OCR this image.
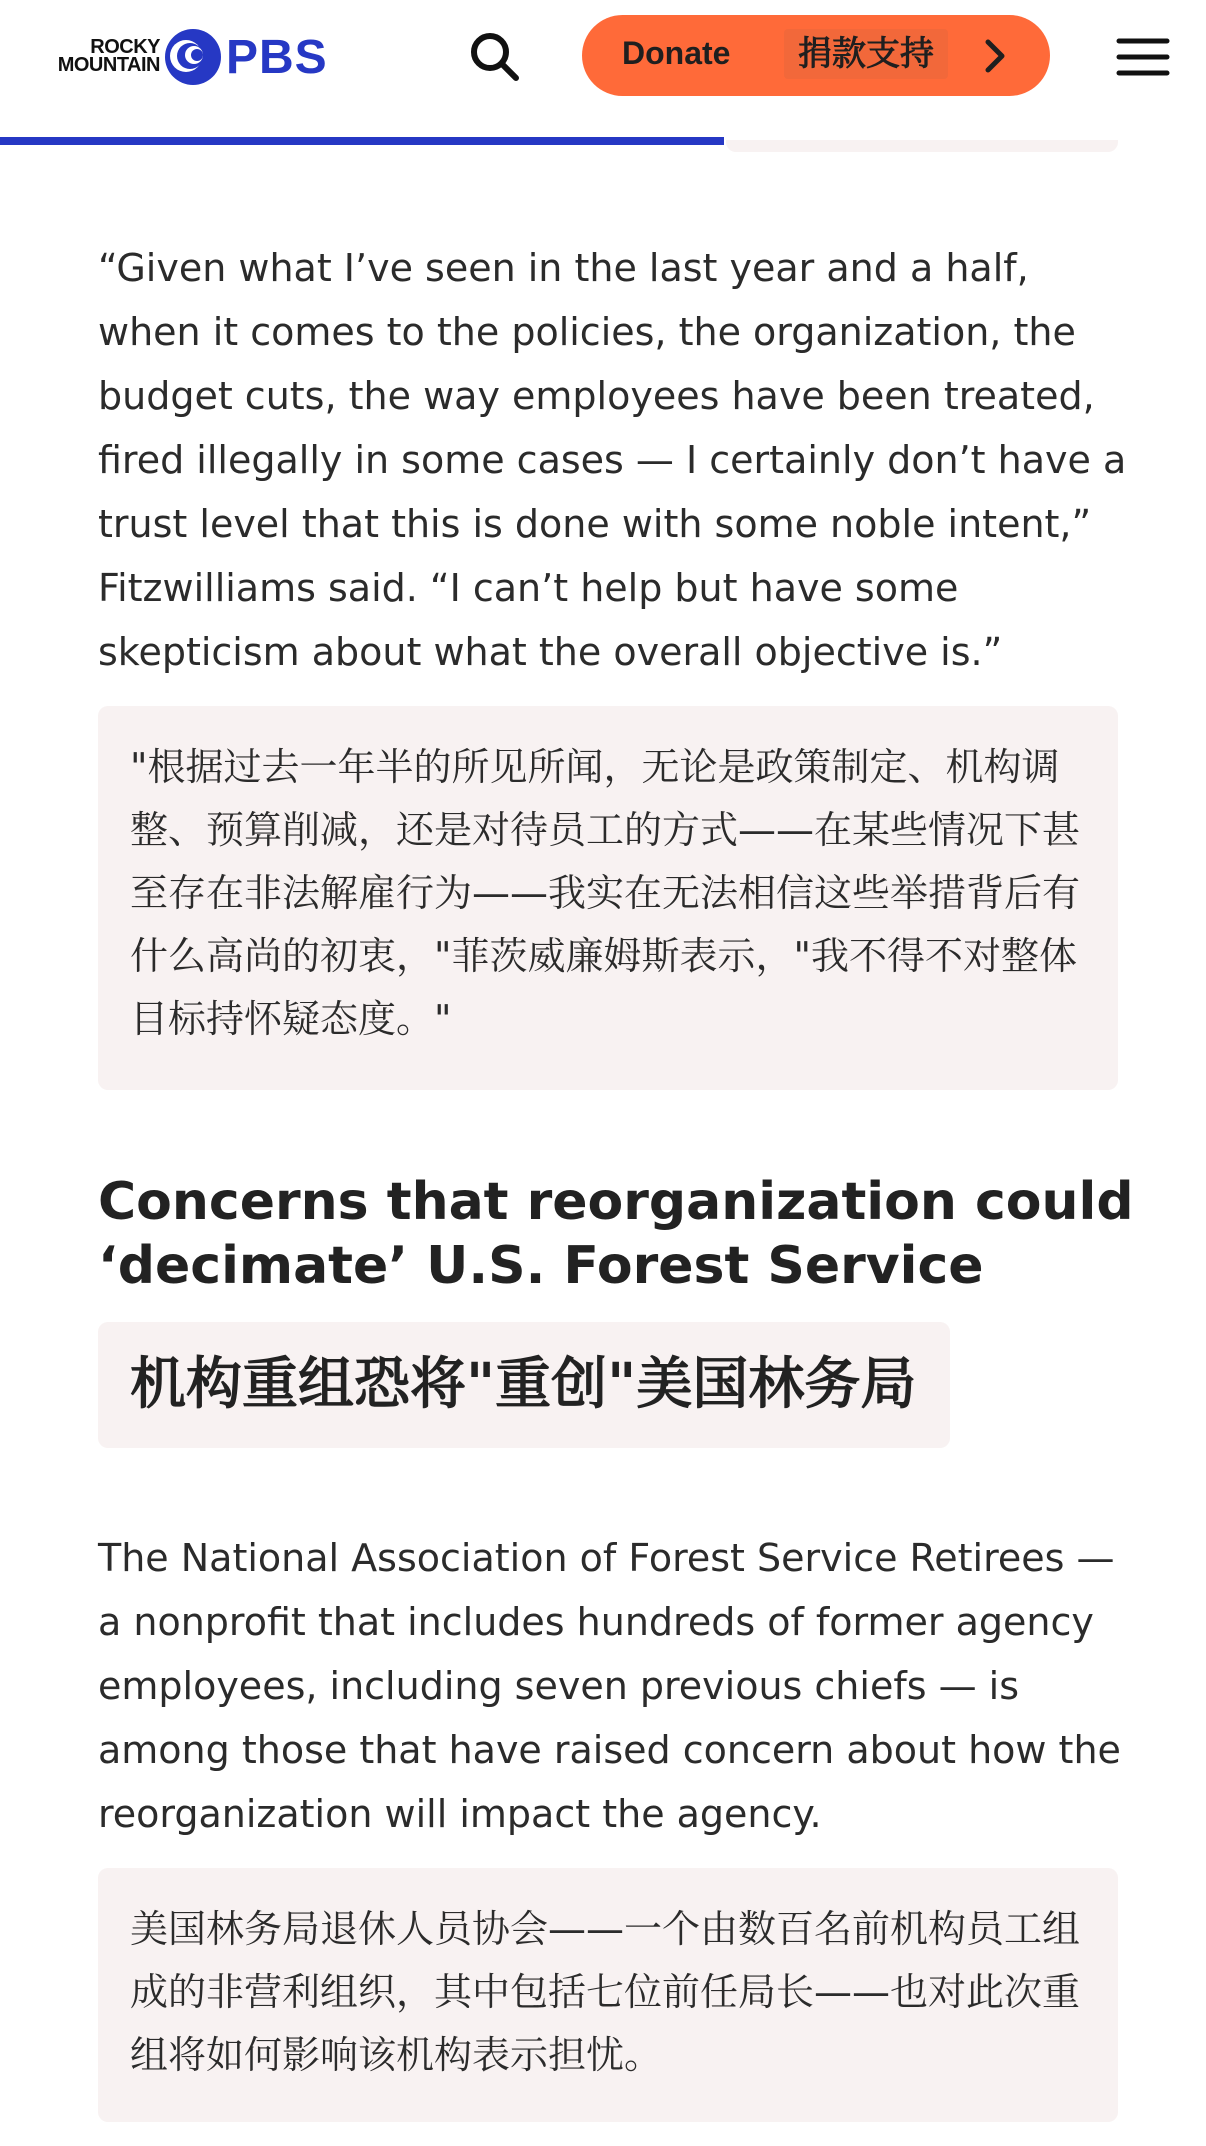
ROCKY
MOUNTAIN PBS	Donate	捐款支持

“Given what I’ve seen in the last year and a half, when it comes to the policies, the organization, the budget cuts, the way employees have been treated, fired illegally in some cases — I certainly don’t have a trust level that this is done with some noble intent,” Fitzwilliams said. “I can’t help but have some skepticism about what the overall objective is.”

"根据过去一年半的所见所闻，无论是政策制定、机构调整、预算削减，还是对待员工的方式——在某些情况下甚至存在非法解雇行为——我实在无法相信这些举措背后有什么高尚的初衷，"菲茨威廉姆斯表示，"我不得不对整体目标持怀疑态度。"
Concerns that reorganization could ‘decimate’ U.S. Forest Service
机构重组恐将"重创"美国林务局

The National Association of Forest Service Retirees — a nonprofit that includes hundreds of former agency employees, including seven previous chiefs — is among those that have raised concern about how the reorganization will impact the agency.

美国林务局退休人员协会——一个由数百名前机构员工组成的非营利组织，其中包括七位前任局长——也对此次重组将如何影响该机构表示担忧。
